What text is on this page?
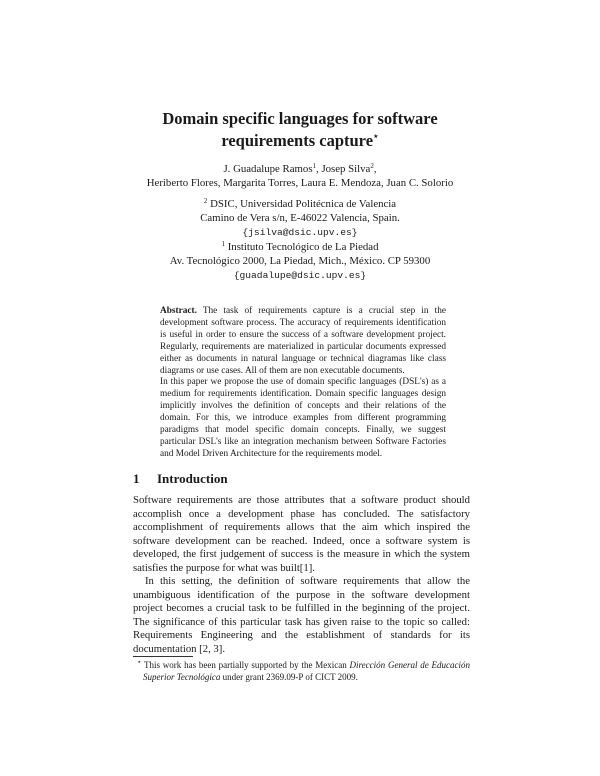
Domain specific languages for software
requirements capture⋆
J. Guadalupe Ramos$^1$, Josep Silva$^2$,
Heriberto Flores, Margarita Torres, Laura E. Mendoza, Juan C. Solorio
$^2$ DSIC, Universidad Politécnica de Valencia
Camino de Vera s/n, E-46022 Valencia, Spain.
{jsilva@dsic.upv.es}
$^1$ Instituto Tecnológico de La Piedad
Av. Tecnológico 2000, La Piedad, Mich., México. CP 59300
{guadalupe@dsic.upv.es}

Abstract. The task of requirements capture is a crucial step in the development software process. The accuracy of requirements identification is useful in order to ensure the success of a software development project. Regularly, requirements are materialized in particular documents expressed either as documents in natural language or technical diagramas like class diagrams or use cases. All of them are non executable documents.

In this paper we propose the use of domain specific languages (DSL's) as a medium for requirements identification. Domain specific languages design implicitly involves the definition of concepts and their relations of the domain. For this, we introduce examples from different programming paradigms that model specific domain concepts. Finally, we suggest particular DSL's like an integration mechanism between Software Factories and Model Driven Architecture for the requirements model.

1 Introduction

Software requirements are those attributes that a software product should accomplish once a development phase has concluded. The satisfactory accomplishment of requirements allows that the aim which inspired the software development can be reached. Indeed, once a software system is developed, the first judgement of success is the measure in which the system satisfies the purpose for what was built[1].

In this setting, the definition of software requirements that allow the unambiguous identification of the purpose in the software development project becomes a crucial task to be fulfilled in the beginning of the project. The significance of this particular task has given raise to the topic so called: Requirements Engineering and the establishment of standards for its documentation [2, 3].

⋆ This work has been partially supported by the Mexican Dirección General de Educación Superior Tecnológica under grant 2369.09-P of CICT 2009.
